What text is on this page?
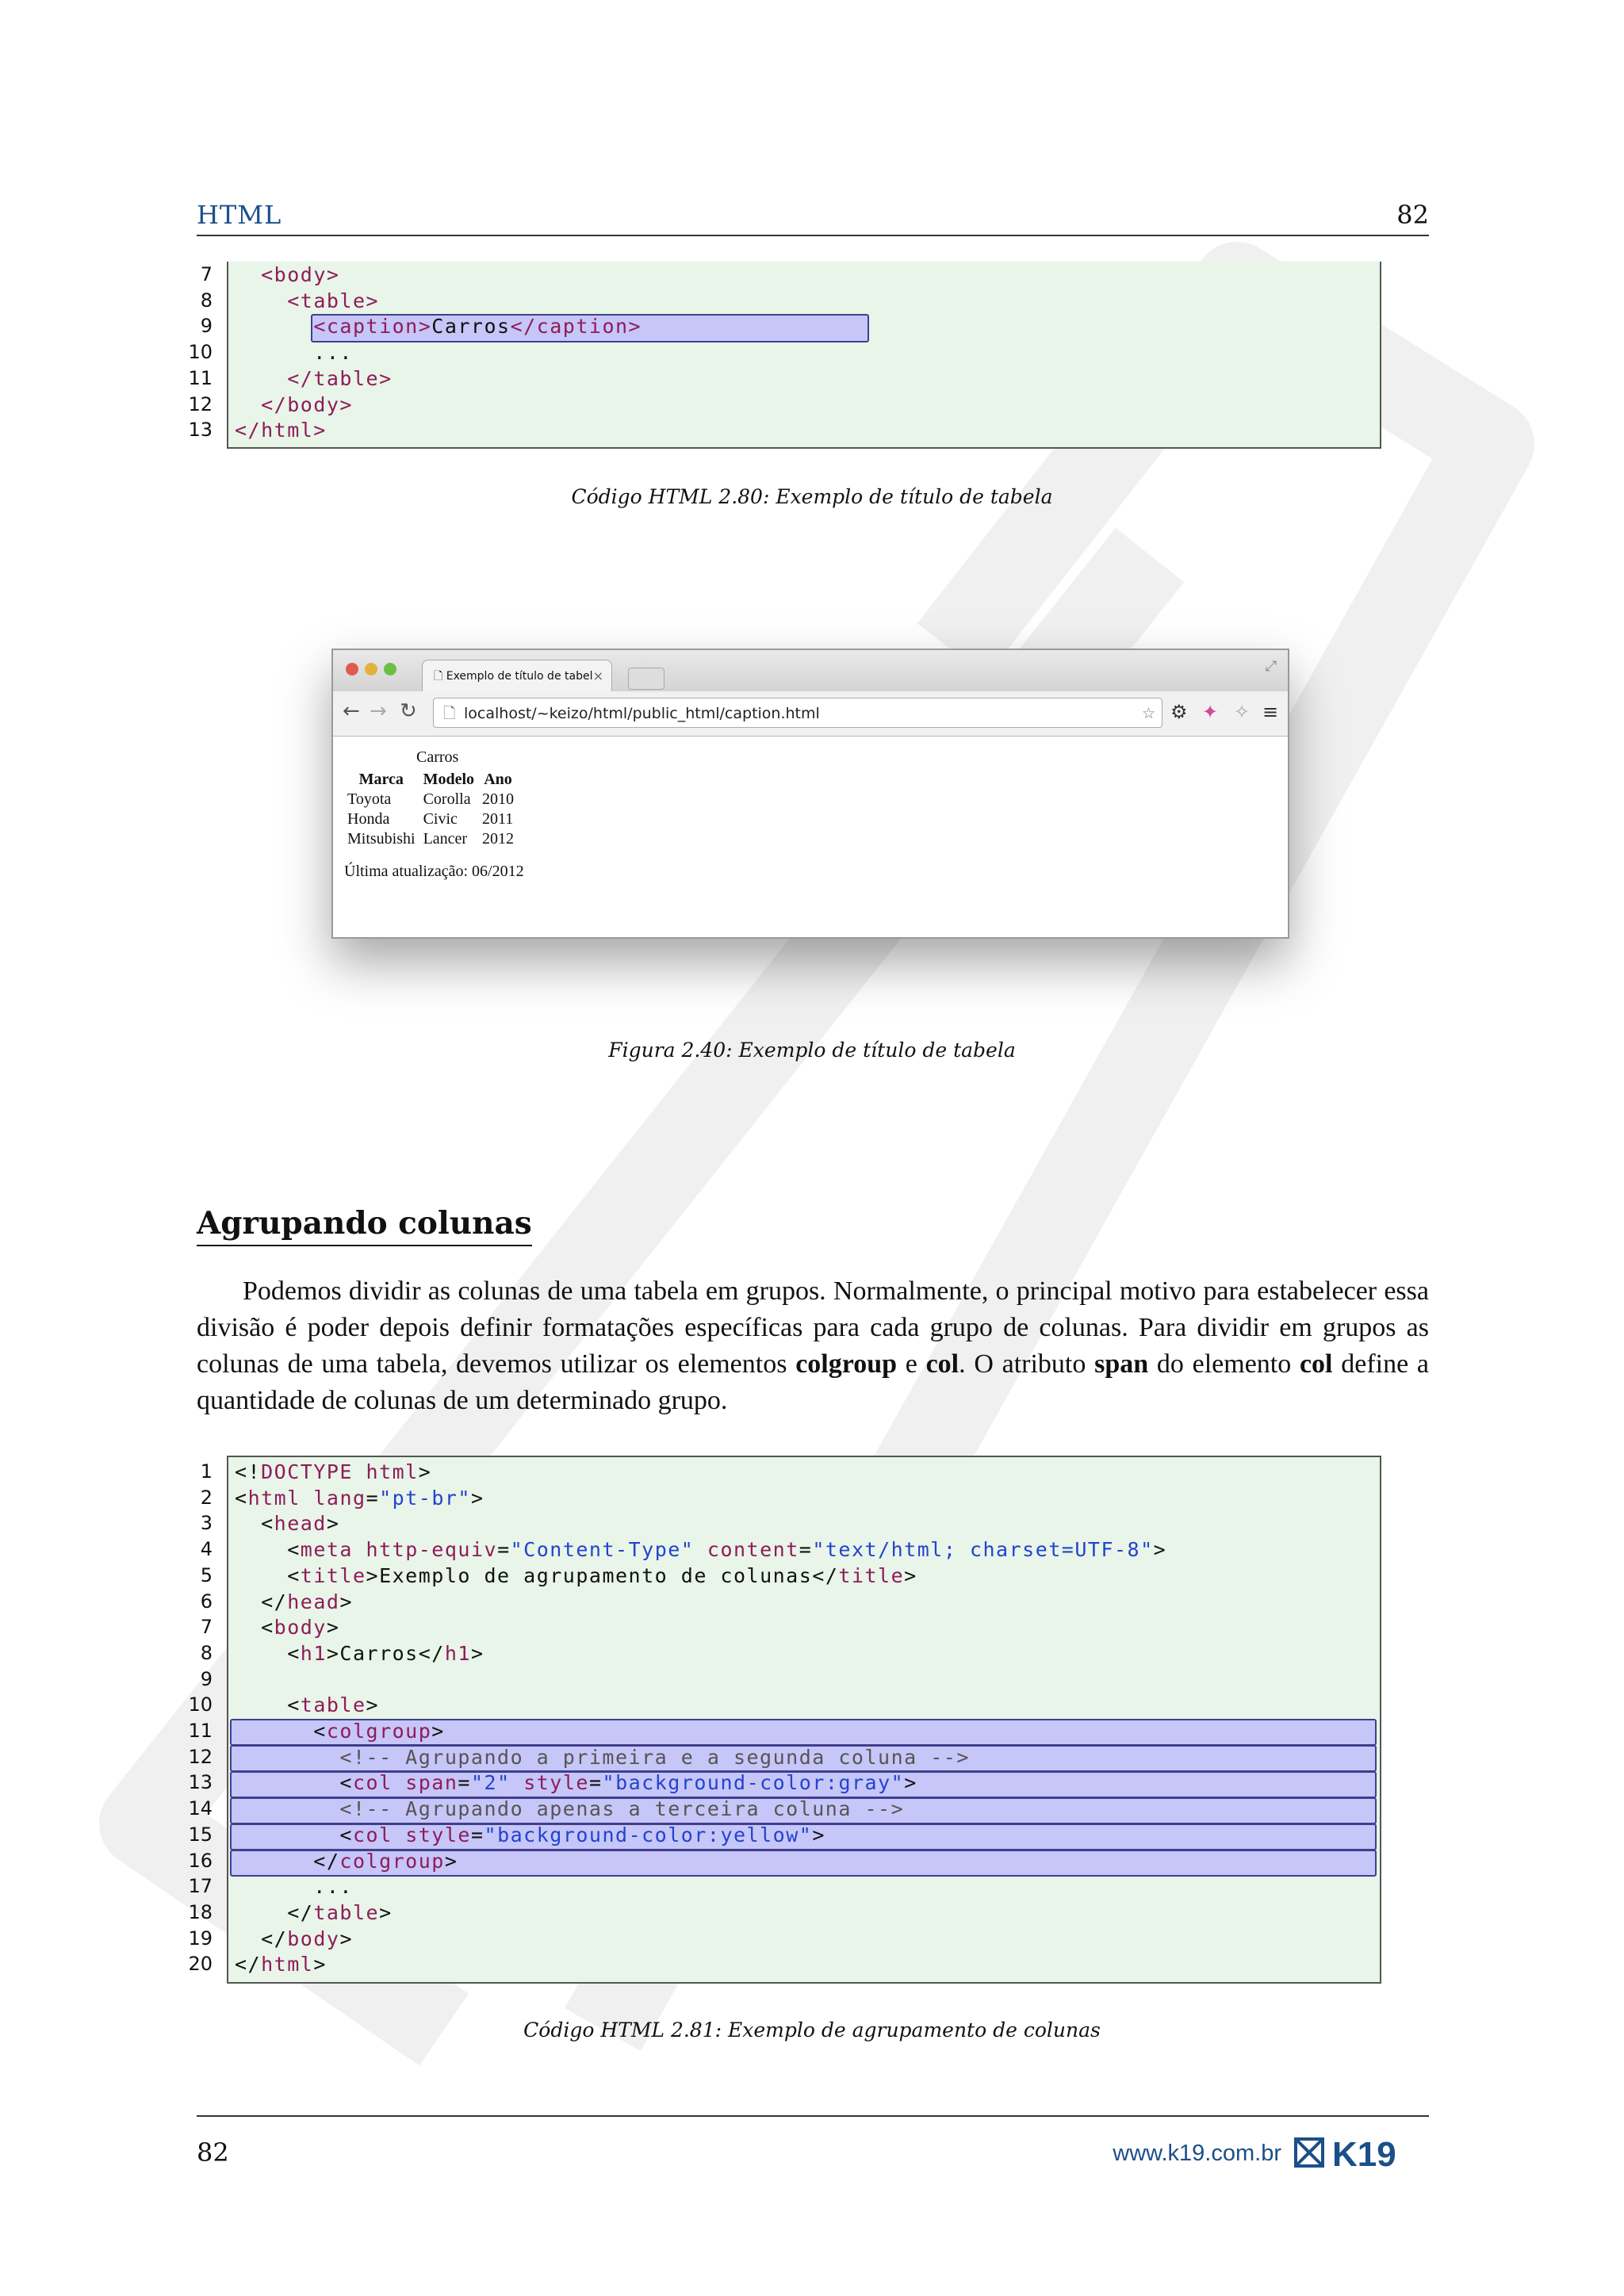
HTML	82
7	<body>
8	<table>
9	<caption>Carros</caption>
10 ...
11	</table>
12	</body>
13 </html>
Código HTML 2.80: Exemplo de título de tabela
🗋 Exemplo de título de tabel ×
⤢
← → ↻ 🗋 localhost/~keizo/html/public_html/caption.html	☆ ⚙ ✦ ✧ ≡
Carros
Marca	Modelo	Ano
Toyota	Corolla	2010
Honda	Civic	2011
Mitsubishi	Lancer	2012
Última atualização: 06/2012
Figura 2.40: Exemplo de título de tabela
Agrupando colunas

Podemos dividir as colunas de uma tabela em grupos. Normalmente, o principal motivo para estabelecer essa divisão é poder depois definir formatações específicas para cada grupo de colunas. Para dividir em grupos as colunas de uma tabela, devemos utilizar os elementos colgroup e col. O atributo span do elemento col define a quantidade de colunas de um determinado grupo.

1 <!DOCTYPE html>
2 <html lang="pt-br">
3 <head>
4 <meta http-equiv="Content-Type" content="text/html; charset=UTF-8">
5 <title>Exemplo de agrupamento de colunas</title>
6 </head>
7 <body>
8 <h1>Carros</h1>
9
10 <table>
11 <colgroup>
12 <!-- Agrupando a primeira e a segunda coluna -->
13 <col span="2" style="background-color:gray">
14 <!-- Agrupando apenas a terceira coluna -->
15 <col style="background-color:yellow">
16 </colgroup>
17 ...
18 </table>
19 </body>
20 </html>
Código HTML 2.81: Exemplo de agrupamento de colunas
82	www.k19.com.br K19
